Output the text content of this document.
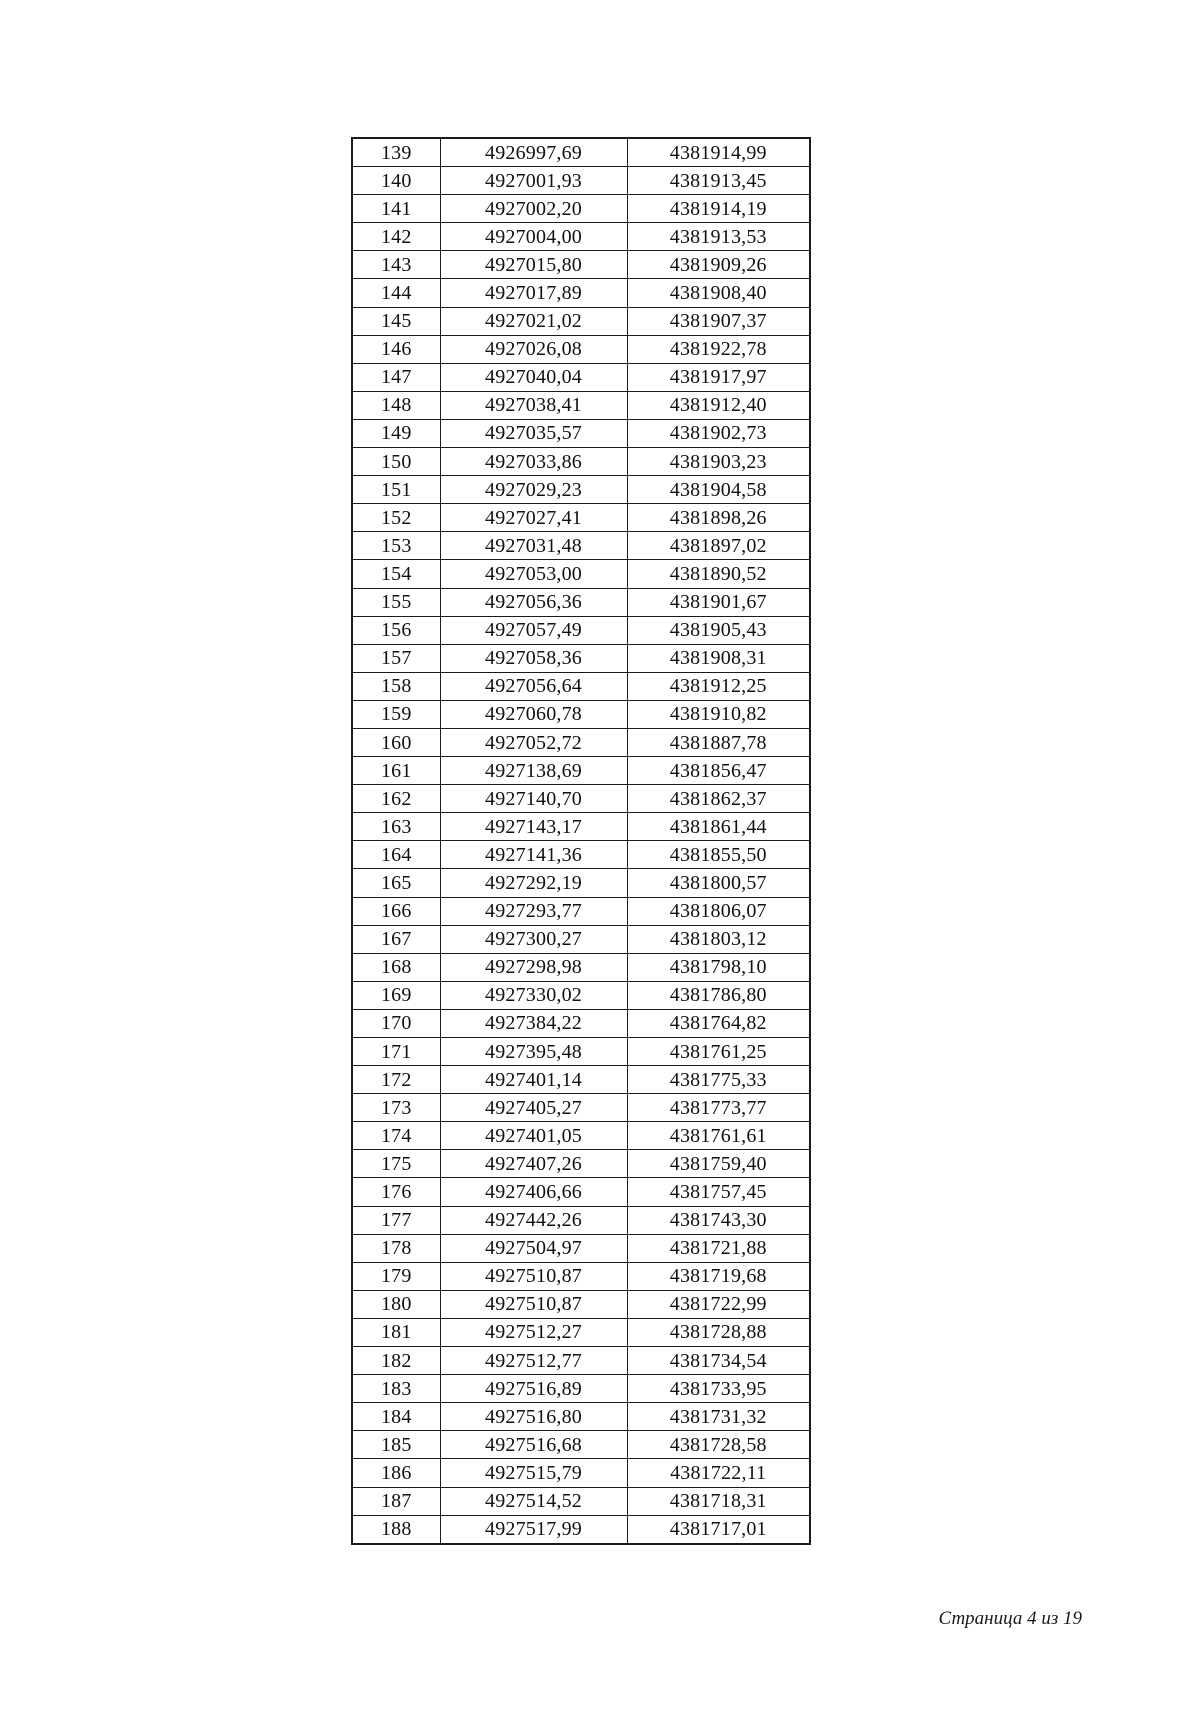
139	4926997,69	4381914,99
140	4927001,93	4381913,45
141	4927002,20	4381914,19
142	4927004,00	4381913,53
143	4927015,80	4381909,26
144	4927017,89	4381908,40
145	4927021,02	4381907,37
146	4927026,08	4381922,78
147	4927040,04	4381917,97
148	4927038,41	4381912,40
149	4927035,57	4381902,73
150	4927033,86	4381903,23
151	4927029,23	4381904,58
152	4927027,41	4381898,26
153	4927031,48	4381897,02
154	4927053,00	4381890,52
155	4927056,36	4381901,67
156	4927057,49	4381905,43
157	4927058,36	4381908,31
158	4927056,64	4381912,25
159	4927060,78	4381910,82
160	4927052,72	4381887,78
161	4927138,69	4381856,47
162	4927140,70	4381862,37
163	4927143,17	4381861,44
164	4927141,36	4381855,50
165	4927292,19	4381800,57
166	4927293,77	4381806,07
167	4927300,27	4381803,12
168	4927298,98	4381798,10
169	4927330,02	4381786,80
170	4927384,22	4381764,82
171	4927395,48	4381761,25
172	4927401,14	4381775,33
173	4927405,27	4381773,77
174	4927401,05	4381761,61
175	4927407,26	4381759,40
176	4927406,66	4381757,45
177	4927442,26	4381743,30
178	4927504,97	4381721,88
179	4927510,87	4381719,68
180	4927510,87	4381722,99
181	4927512,27	4381728,88
182	4927512,77	4381734,54
183	4927516,89	4381733,95
184	4927516,80	4381731,32
185	4927516,68	4381728,58
186	4927515,79	4381722,11
187	4927514,52	4381718,31
188	4927517,99	4381717,01
Страница 4 из 19
